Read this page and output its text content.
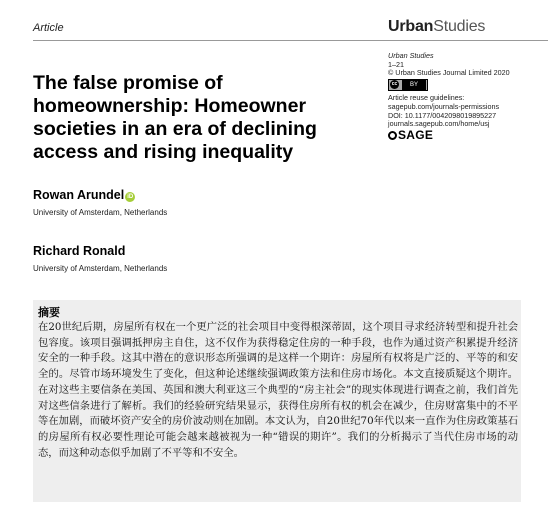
Article	UrbanStudies
The false promise of homeownership: Homeowner societies in an era of declining access and rising inequality
Urban Studies
1–21
© Urban Studies Journal Limited 2020
cc	BY
Article reuse guidelines:
sagepub.com/journals-permissions
DOI: 10.1177/0042098019895227
journals.sagepub.com/home/usj
SAGE
Rowan Arundel iD
University of Amsterdam, Netherlands
Richard Ronald
University of Amsterdam, Netherlands
摘要

在20世纪后期，房屋所有权在一个更广泛的社会项目中变得根深蒂固，这个项目寻求经济转型和提升社会包容度。该项目强调抵押房主自住，这不仅作为获得稳定住房的一种手段，也作为通过资产积累提升经济安全的一种手段。这其中潜在的意识形态所强调的是这样一个期许：房屋所有权将是广泛的、平等的和安全的。尽管市场环境发生了变化，但这种论述继续强调政策方法和住房市场化。本文直接质疑这个期许。在对这些主要信条在美国、英国和澳大利亚这三个典型的“房主社会”的现实体现进行调查之前，我们首先对这些信条进行了解析。我们的经验研究结果显示，获得住房所有权的机会在减少，住房财富集中的不平等在加剧，而破坏资产安全的房价波动则在加剧。本文认为，自20世纪70年代以来一直作为住房政策基石的房屋所有权必要性理论可能会越来越被视为一种“错误的期许”。我们的分析揭示了当代住房市场的动态，而这种动态似乎加剧了不平等和不安全。
